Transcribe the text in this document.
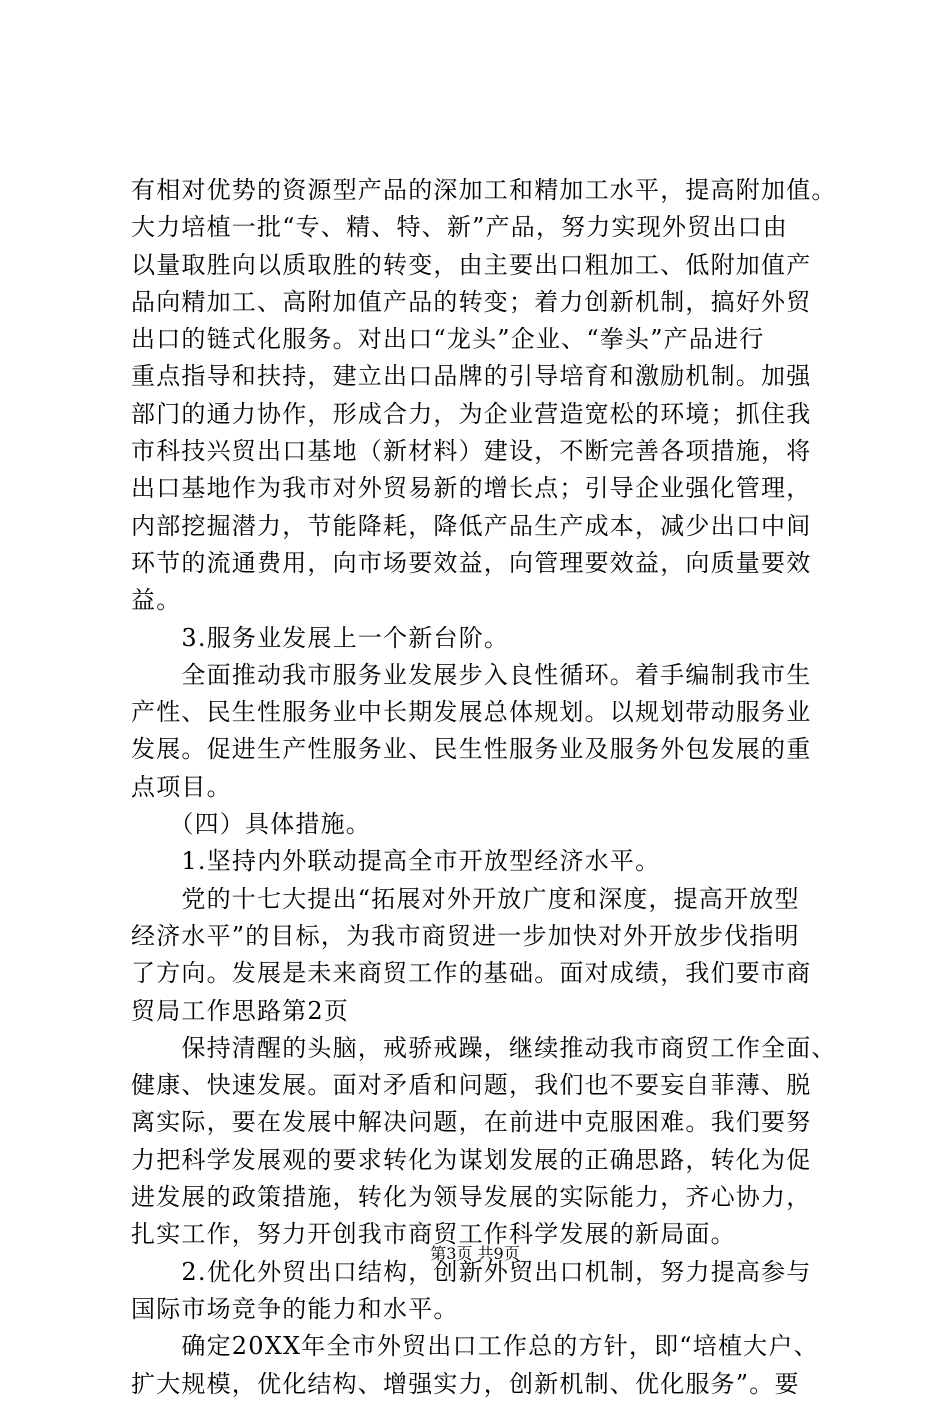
有相对优势的资源型产品的深加工和精加工水平，提高附加值。
大力培植一批“专、精、特、新”产品，努力实现外贸出口由
以量取胜向以质取胜的转变，由主要出口粗加工、低附加值产
品向精加工、高附加值产品的转变；着力创新机制，搞好外贸
出口的链式化服务。对出口“龙头”企业、“拳头”产品进行
重点指导和扶持，建立出口品牌的引导培育和激励机制。加强
部门的通力协作，形成合力，为企业营造宽松的环境；抓住我
市科技兴贸出口基地（新材料）建设，不断完善各项措施，将
出口基地作为我市对外贸易新的增长点；引导企业强化管理，
内部挖掘潜力，节能降耗，降低产品生产成本，减少出口中间
环节的流通费用，向市场要效益，向管理要效益，向质量要效
益。
　　3.服务业发展上一个新台阶。
　　全面推动我市服务业发展步入良性循环。着手编制我市生
产性、民生性服务业中长期发展总体规划。以规划带动服务业
发展。促进生产性服务业、民生性服务业及服务外包发展的重
点项目。
　　（四）具体措施。
　　1.坚持内外联动提高全市开放型经济水平。
　　党的十七大提出“拓展对外开放广度和深度，提高开放型
经济水平”的目标，为我市商贸进一步加快对外开放步伐指明
了方向。发展是未来商贸工作的基础。面对成绩，我们要市商
贸局工作思路第2页
　　保持清醒的头脑，戒骄戒躁，继续推动我市商贸工作全面、
健康、快速发展。面对矛盾和问题，我们也不要妄自菲薄、脱
离实际，要在发展中解决问题，在前进中克服困难。我们要努
力把科学发展观的要求转化为谋划发展的正确思路，转化为促
进发展的政策措施，转化为领导发展的实际能力，齐心协力，
扎实工作，努力开创我市商贸工作科学发展的新局面。
　　2.优化外贸出口结构，创新外贸出口机制，努力提高参与
国际市场竞争的能力和水平。
　　确定20XX年全市外贸出口工作总的方针，即“培植大户、
扩大规模，优化结构、增强实力，创新机制、优化服务”。要
第3页 共9页
